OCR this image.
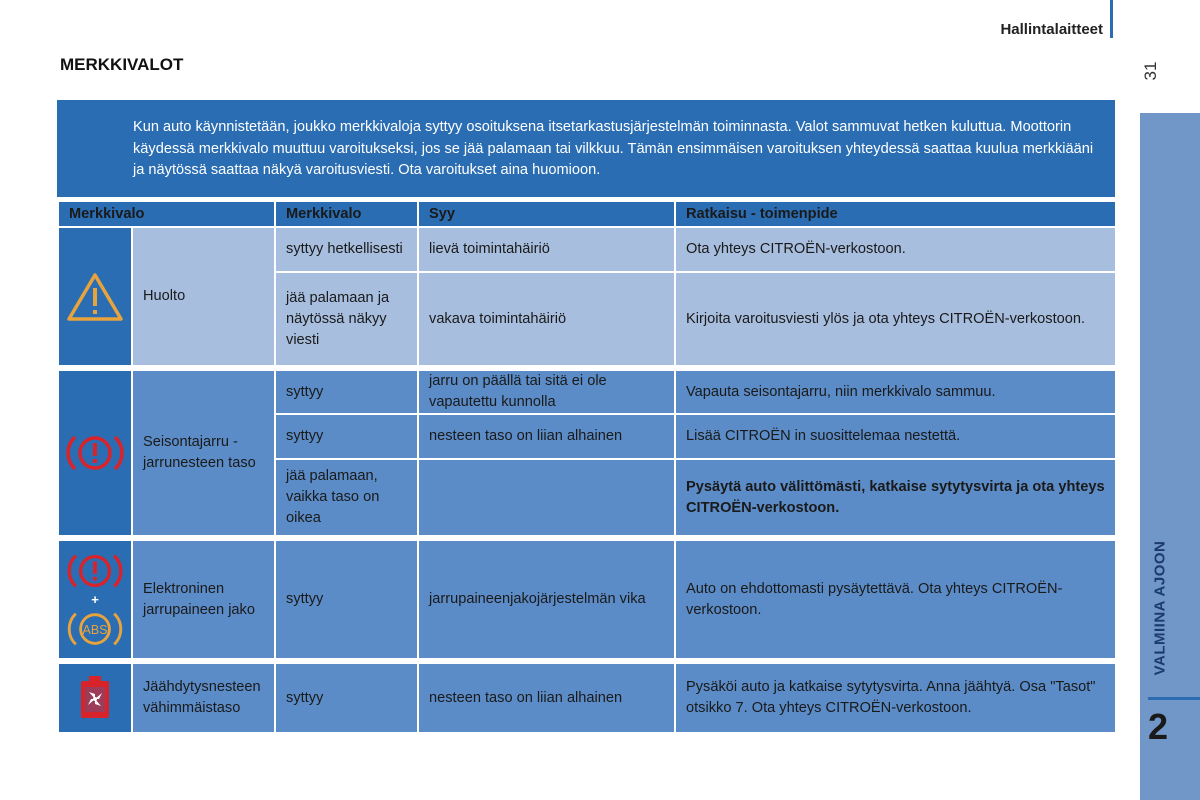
Hallintalaitteet
31
VALMIINA AJOON
2
MERKKIVALOT
Kun auto käynnistetään, joukko merkkivaloja syttyy osoituksena itsetarkastusjärjestelmän toiminnasta. Valot sammuvat hetken kuluttua. Moottorin käydessä merkkivalo muuttuu varoitukseksi, jos se jää palamaan tai vilkkuu. Tämän ensimmäisen varoituksen yhteydessä saattaa kuulua merkkiääni ja näytössä saattaa näkyä varoitusviesti. Ota varoitukset aina huomioon.
Merkkivalo		Merkkivalo	Syy	Ratkaisu - toimenpide

	Huolto	syttyy hetkellisesti	lievä toimintahäiriö	Ota yhteys CITROËN-verkostoon.
		jää palamaan ja näytössä näkyy viesti	vakava toimintahäiriö	Kirjoita varoitusviesti ylös ja ota yhteys CITROËN-verkostoon.

	Seisontajarru - jarrunesteen taso	syttyy	jarru on päällä tai sitä ei ole vapautettu kunnolla	Vapauta seisontajarru, niin merkkivalo sammuu.
		syttyy	nesteen taso on liian alhainen	Lisää CITROËN in suosittelemaa nestettä.
		jää palamaan, vaikka taso on oikea		Pysäytä auto välittömästi, katkaise sytytysvirta ja ota yhteys CITROËN-verkostoon.

+
ABS	Elektroninen jarrupaineen jako	syttyy	jarrupaineenjakojärjestelmän vika	Auto on ehdottomasti pysäytettävä. Ota yhteys CITROËN-verkostoon.

	Jäähdytysnesteen vähimmäistaso	syttyy	nesteen taso on liian alhainen	Pysäköi auto ja katkaise sytytysvirta. Anna jäähtyä. Osa "Tasot" otsikko 7. Ota yhteys CITROËN-verkostoon.
